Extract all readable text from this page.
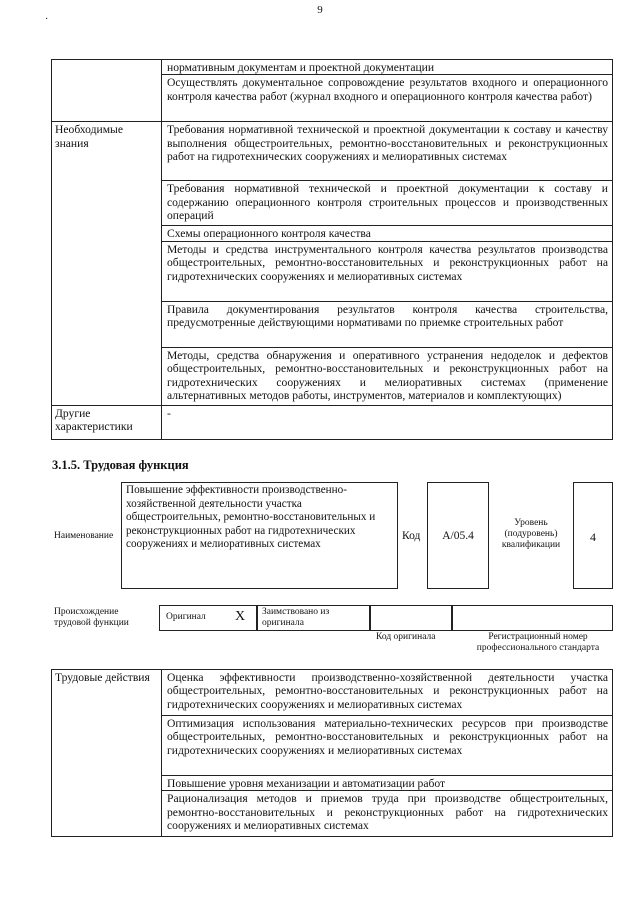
9
·
	нормативным документам и проектной документации
	Осуществлять документальное сопровождение результатов входного и операционного контроля качества работ (журнал входного и операционного контроля качества работ)
Необходимые знания	Требования нормативной технической и проектной документации к составу и качеству выполнения общестроительных, ремонтно-восстановительных и реконструкционных работ на гидротехнических сооружениях и мелиоративных системах
	Требования нормативной технической и проектной документации к составу и содержанию операционного контроля строительных процессов и производственных операций
	Схемы операционного контроля качества
	Методы и средства инструментального контроля качества результатов производства общестроительных, ремонтно-восстановительных и реконструкционных работ на гидротехнических сооружениях и мелиоративных системах
	Правила документирования результатов контроля качества строительства, предусмотренные действующими нормативами по приемке строительных работ
	Методы, средства обнаружения и оперативного устранения недоделок и дефектов общестроительных, ремонтно-восстановительных и реконструкционных работ на гидротехнических сооружениях и мелиоративных системах (применение альтернативных методов работы, инструментов, материалов и комплектующих)
Другие характеристики	-
3.1.5. Трудовая функция
Наименование
Повышение эффективности производственно-хозяйственной деятельности участка общестроительных, ремонтно-восстановительных и реконструкционных работ на гидротехнических сооружениях и мелиоративных системах
Код	A/05.4
Уровень (подуровень) квалификации
4
Происхождение трудовой функции
Оригинал X Заимствовано из оригинала
Код оригинала	Регистрационный номер профессионального стандарта
Трудовые действия	Оценка эффективности производственно-хозяйственной деятельности участка общестроительных, ремонтно-восстановительных и реконструкционных работ на гидротехнических сооружениях и мелиоративных системах
Оптимизация использования материально-технических ресурсов при производстве общестроительных, ремонтно-восстановительных и реконструкционных работ на гидротехнических сооружениях и мелиоративных системах
Повышение уровня механизации и автоматизации работ
Рационализация методов и приемов труда при производстве общестроительных, ремонтно-восстановительных и реконструкционных работ на гидротехнических сооружениях и мелиоративных системах
